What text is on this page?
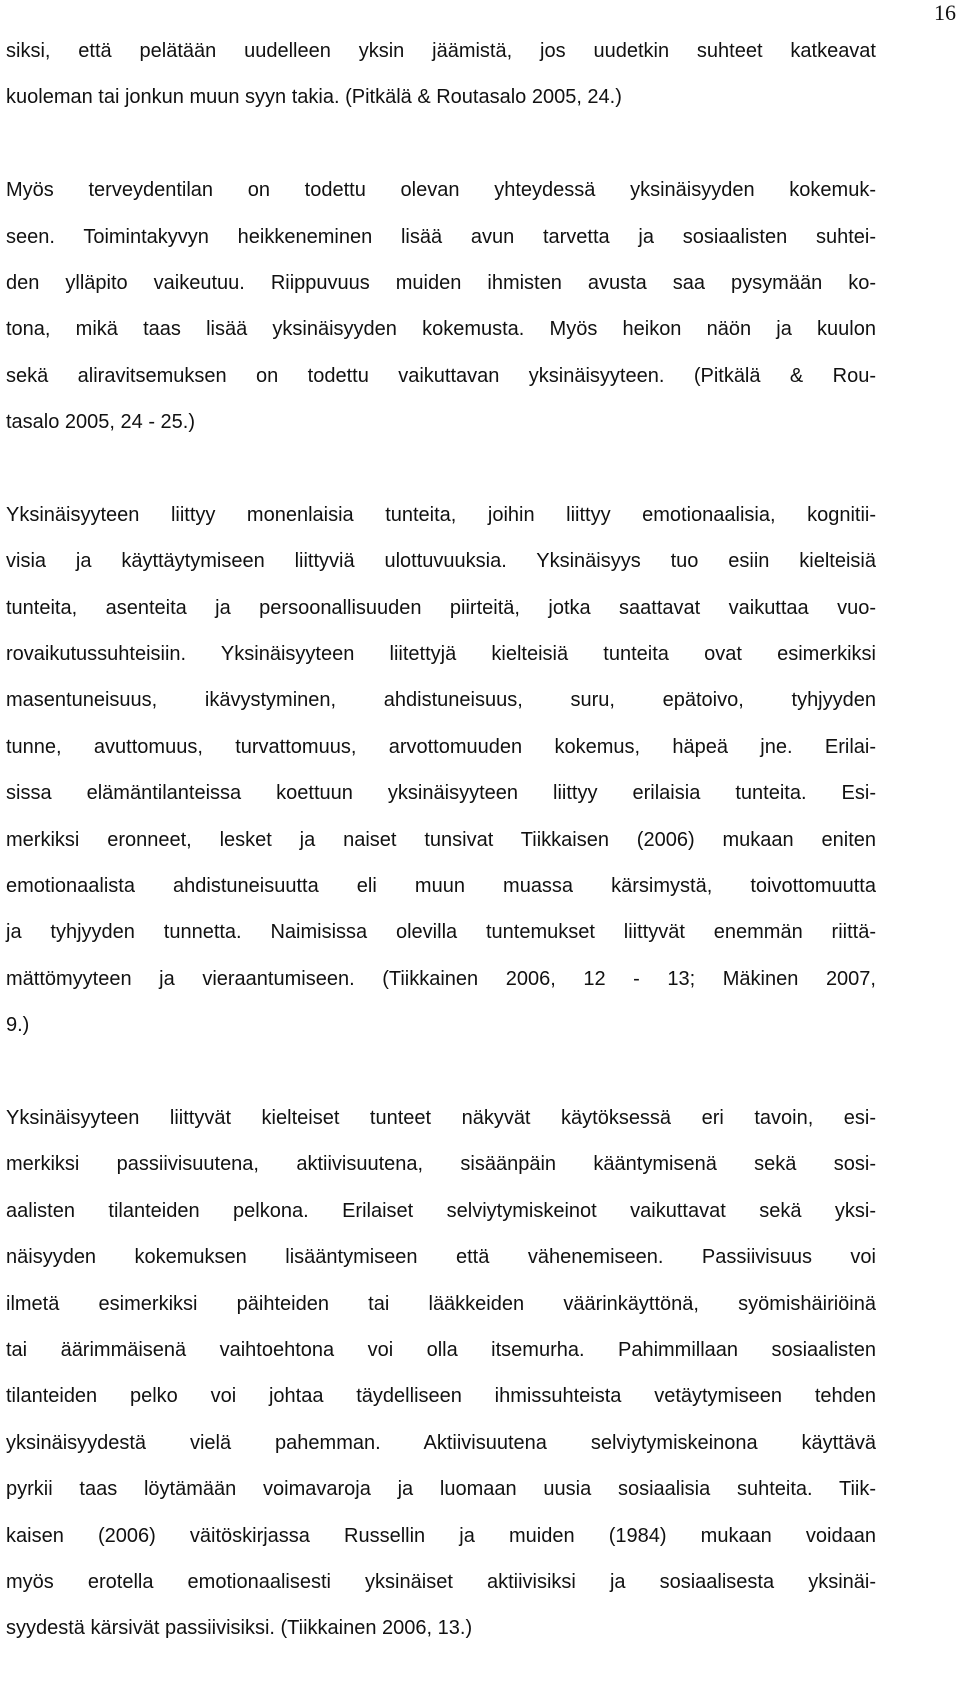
16
siksi, että pelätään uudelleen yksin jäämistä, jos uudetkin suhteet katkeavat
kuoleman tai jonkun muun syyn takia. (Pitkälä & Routasalo 2005, 24.)
Myös terveydentilan on todettu olevan yhteydessä yksinäisyyden kokemuk-
seen. Toimintakyvyn heikkeneminen lisää avun tarvetta ja sosiaalisten suhtei-
den ylläpito vaikeutuu. Riippuvuus muiden ihmisten avusta saa pysymään ko-
tona, mikä taas lisää yksinäisyyden kokemusta. Myös heikon näön ja kuulon
sekä aliravitsemuksen on todettu vaikuttavan yksinäisyyteen. (Pitkälä & Rou-
tasalo 2005, 24 - 25.)
Yksinäisyyteen liittyy monenlaisia tunteita, joihin liittyy emotionaalisia, kognitii-
visia ja käyttäytymiseen liittyviä ulottuvuuksia. Yksinäisyys tuo esiin kielteisiä
tunteita, asenteita ja persoonallisuuden piirteitä, jotka saattavat vaikuttaa vuo-
rovaikutussuhteisiin. Yksinäisyyteen liitettyjä kielteisiä tunteita ovat esimerkiksi
masentuneisuus, ikävystyminen, ahdistuneisuus, suru, epätoivo, tyhjyyden
tunne, avuttomuus, turvattomuus, arvottomuuden kokemus, häpeä jne. Erilai-
sissa elämäntilanteissa koettuun yksinäisyyteen liittyy erilaisia tunteita. Esi-
merkiksi eronneet, lesket ja naiset tunsivat Tiikkaisen (2006) mukaan eniten
emotionaalista ahdistuneisuutta eli muun muassa kärsimystä, toivottomuutta
ja tyhjyyden tunnetta. Naimisissa olevilla tuntemukset liittyvät enemmän riittä-
mättömyyteen ja vieraantumiseen. (Tiikkainen 2006, 12 - 13; Mäkinen 2007,
9.)
Yksinäisyyteen liittyvät kielteiset tunteet näkyvät käytöksessä eri tavoin, esi-
merkiksi passiivisuutena, aktiivisuutena, sisäänpäin kääntymisenä sekä sosi-
aalisten tilanteiden pelkona. Erilaiset selviytymiskeinot vaikuttavat sekä yksi-
näisyyden kokemuksen lisääntymiseen että vähenemiseen. Passiivisuus voi
ilmetä esimerkiksi päihteiden tai lääkkeiden väärinkäyttönä, syömishäiriöinä
tai äärimmäisenä vaihtoehtona voi olla itsemurha. Pahimmillaan sosiaalisten
tilanteiden pelko voi johtaa täydelliseen ihmissuhteista vetäytymiseen tehden
yksinäisyydestä vielä pahemman. Aktiivisuutena selviytymiskeinona käyttävä
pyrkii taas löytämään voimavaroja ja luomaan uusia sosiaalisia suhteita. Tiik-
kaisen (2006) väitöskirjassa Russellin ja muiden (1984) mukaan voidaan
myös erotella emotionaalisesti yksinäiset aktiivisiksi ja sosiaalisesta yksinäi-
syydestä kärsivät passiivisiksi. (Tiikkainen 2006, 13.)
